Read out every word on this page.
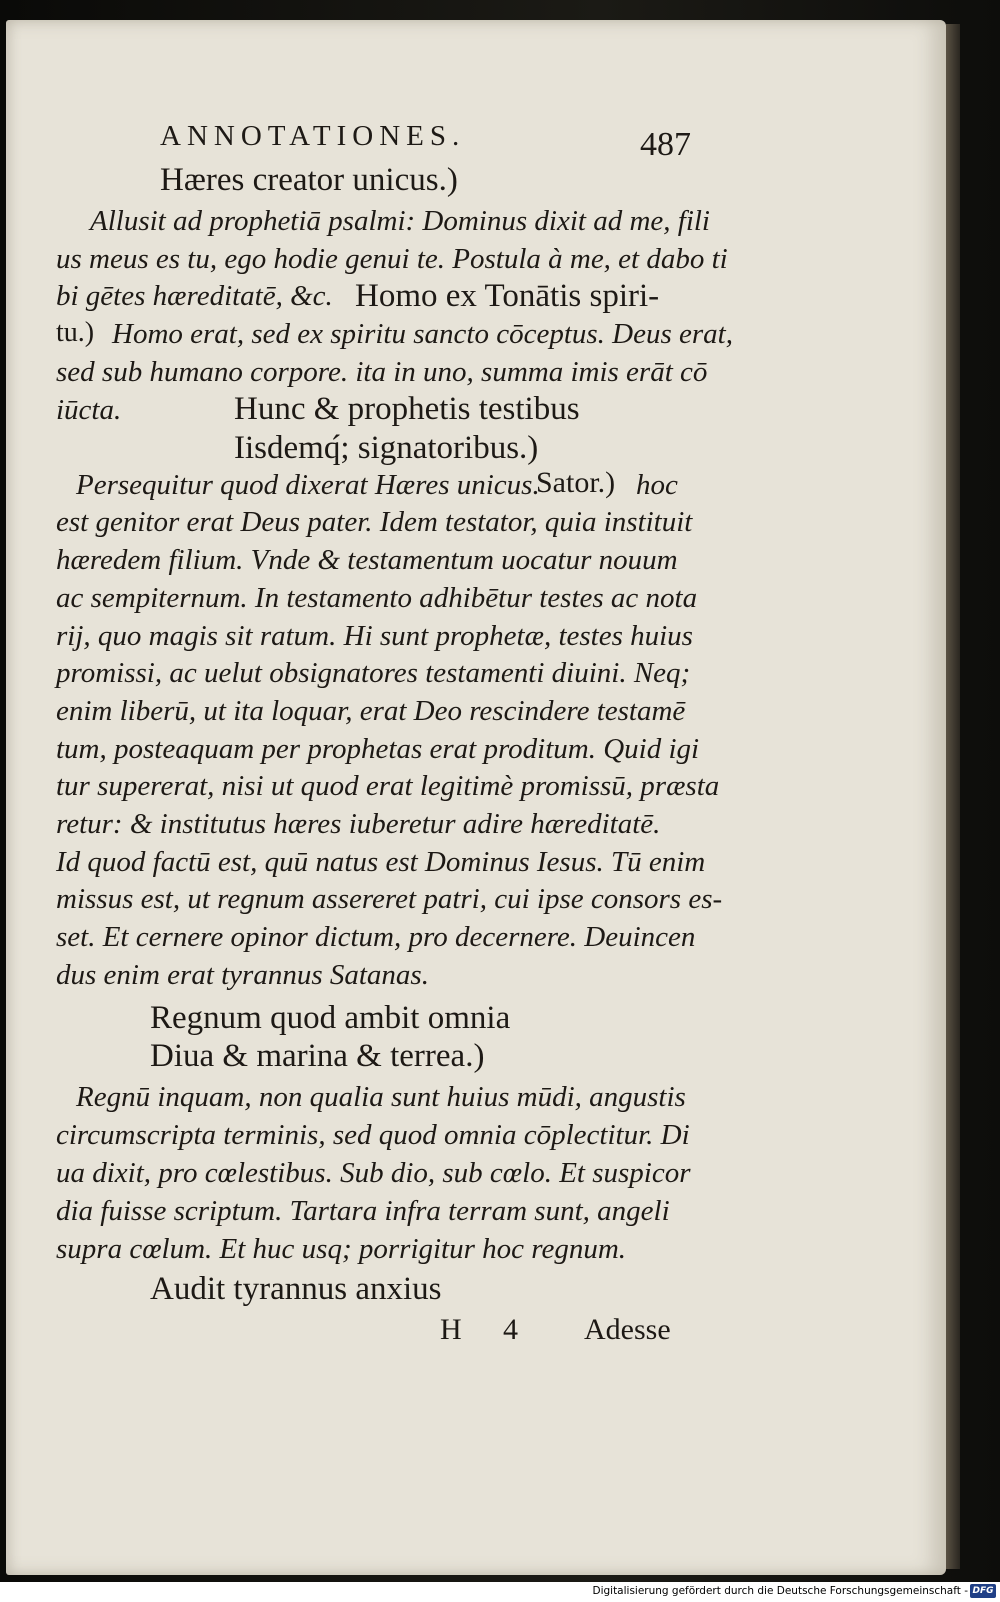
ANNOTATIONES.	487
Hæres creator unicus.)
Allusit ad prophetiā psalmi: Dominus dixit ad me, fili
us meus es tu, ego hodie genui te. Postula à me, et dabo ti
bi gētes hæreditatē, &c. Homo ex Tonātis spiri-
tu.) Homo erat, sed ex spiritu sancto cōceptus. Deus erat,
sed sub humano corpore. ita in uno, summa imis erāt cō
iūcta.	Hunc & prophetis testibus
Iisdemq́; signatoribus.)
Persequitur quod dixerat Hæres unicus.
Sator.) hoc
est genitor erat Deus pater. Idem testator, quia instituit
hæredem filium. Vnde & testamentum uocatur nouum
ac sempiternum. In testamento adhibētur testes ac nota
rij, quo magis sit ratum. Hi sunt prophetæ, testes huius
promissi, ac uelut obsignatores testamenti diuini. Neq;
enim liberū, ut ita loquar, erat Deo rescindere testamē
tum, posteaquam per prophetas erat proditum. Quid igi
tur supererat, nisi ut quod erat legitimè promissū, præsta
retur: & institutus hæres iuberetur adire hæreditatē.
Id quod factū est, quū natus est Dominus Iesus. Tū enim
missus est, ut regnum assereret patri, cui ipse consors es-
set. Et cernere opinor dictum, pro decernere. Deuincen
dus enim erat tyrannus Satanas.
Regnum quod ambit omnia
Diua & marina & terrea.)
Regnū inquam, non qualia sunt huius mūdi, angustis
circumscripta terminis, sed quod omnia cōplectitur. Di
ua dixit, pro cœlestibus. Sub dio, sub cœlo. Et suspicor
dia fuisse scriptum. Tartara infra terram sunt, angeli
supra cœlum. Et huc usq; porrigitur hoc regnum.
Audit tyrannus anxius
H 4 Adesse
Digitalisierung gefördert durch die Deutsche Forschungsgemeinschaft - DFG
